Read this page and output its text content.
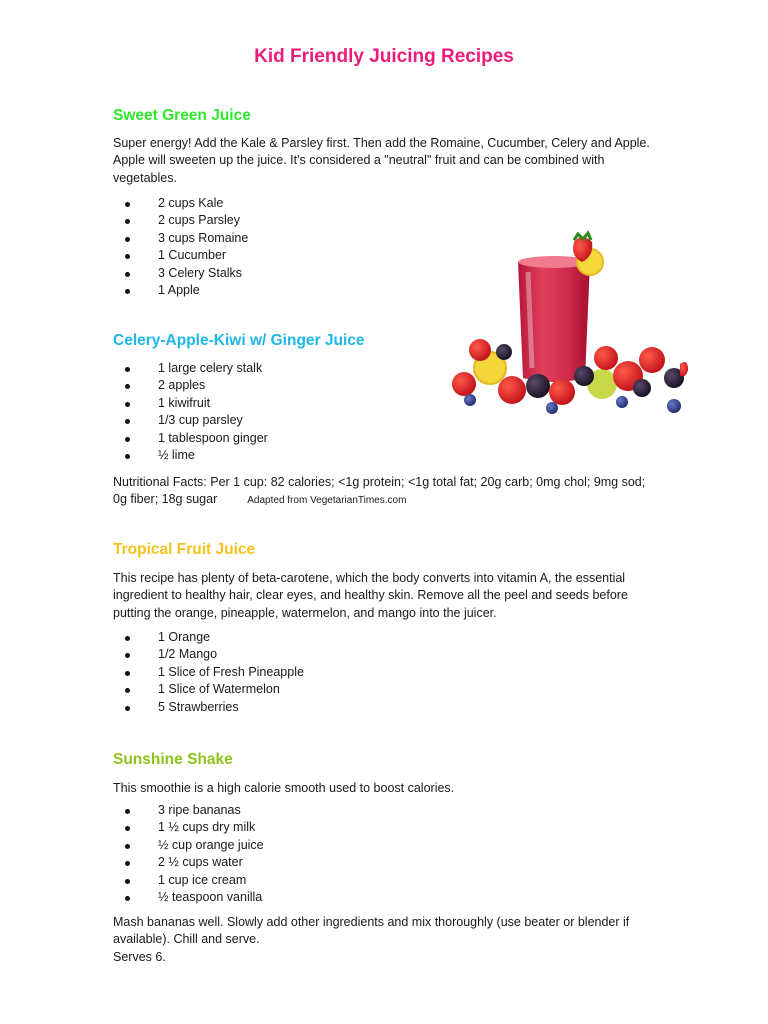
Kid Friendly Juicing Recipes
Sweet Green Juice
Super energy! Add the Kale & Parsley first. Then add the Romaine, Cucumber, Celery and Apple.
Apple will sweeten up the juice. It's considered a "neutral" fruit and can be combined with
vegetables.
2 cups Kale
2 cups Parsley
3 cups Romaine
1 Cucumber
3 Celery Stalks
1 Apple
Celery-Apple-Kiwi w/ Ginger Juice
1 large celery stalk
2 apples
1 kiwifruit
1/3 cup parsley
1 tablespoon ginger
½ lime
Nutritional Facts: Per 1 cup: 82 calories; <1g protein; <1g total fat; 20g carb; 0mg chol; 9mg sod;
0g fiber; 18g sugar	Adapted from VegetarianTimes.com
Tropical Fruit Juice
This recipe has plenty of beta-carotene, which the body converts into vitamin A, the essential
ingredient to healthy hair, clear eyes, and healthy skin. Remove all the peel and seeds before
putting the orange, pineapple, watermelon, and mango into the juicer.
1 Orange
1/2 Mango
1 Slice of Fresh Pineapple
1 Slice of Watermelon
5 Strawberries
Sunshine Shake
This smoothie is a high calorie smooth used to boost calories.
3 ripe bananas
1 ½ cups dry milk
½ cup orange juice
2 ½ cups water
1 cup ice cream
½ teaspoon vanilla
Mash bananas well. Slowly add other ingredients and mix thoroughly (use beater or blender if
available). Chill and serve.
Serves 6.
